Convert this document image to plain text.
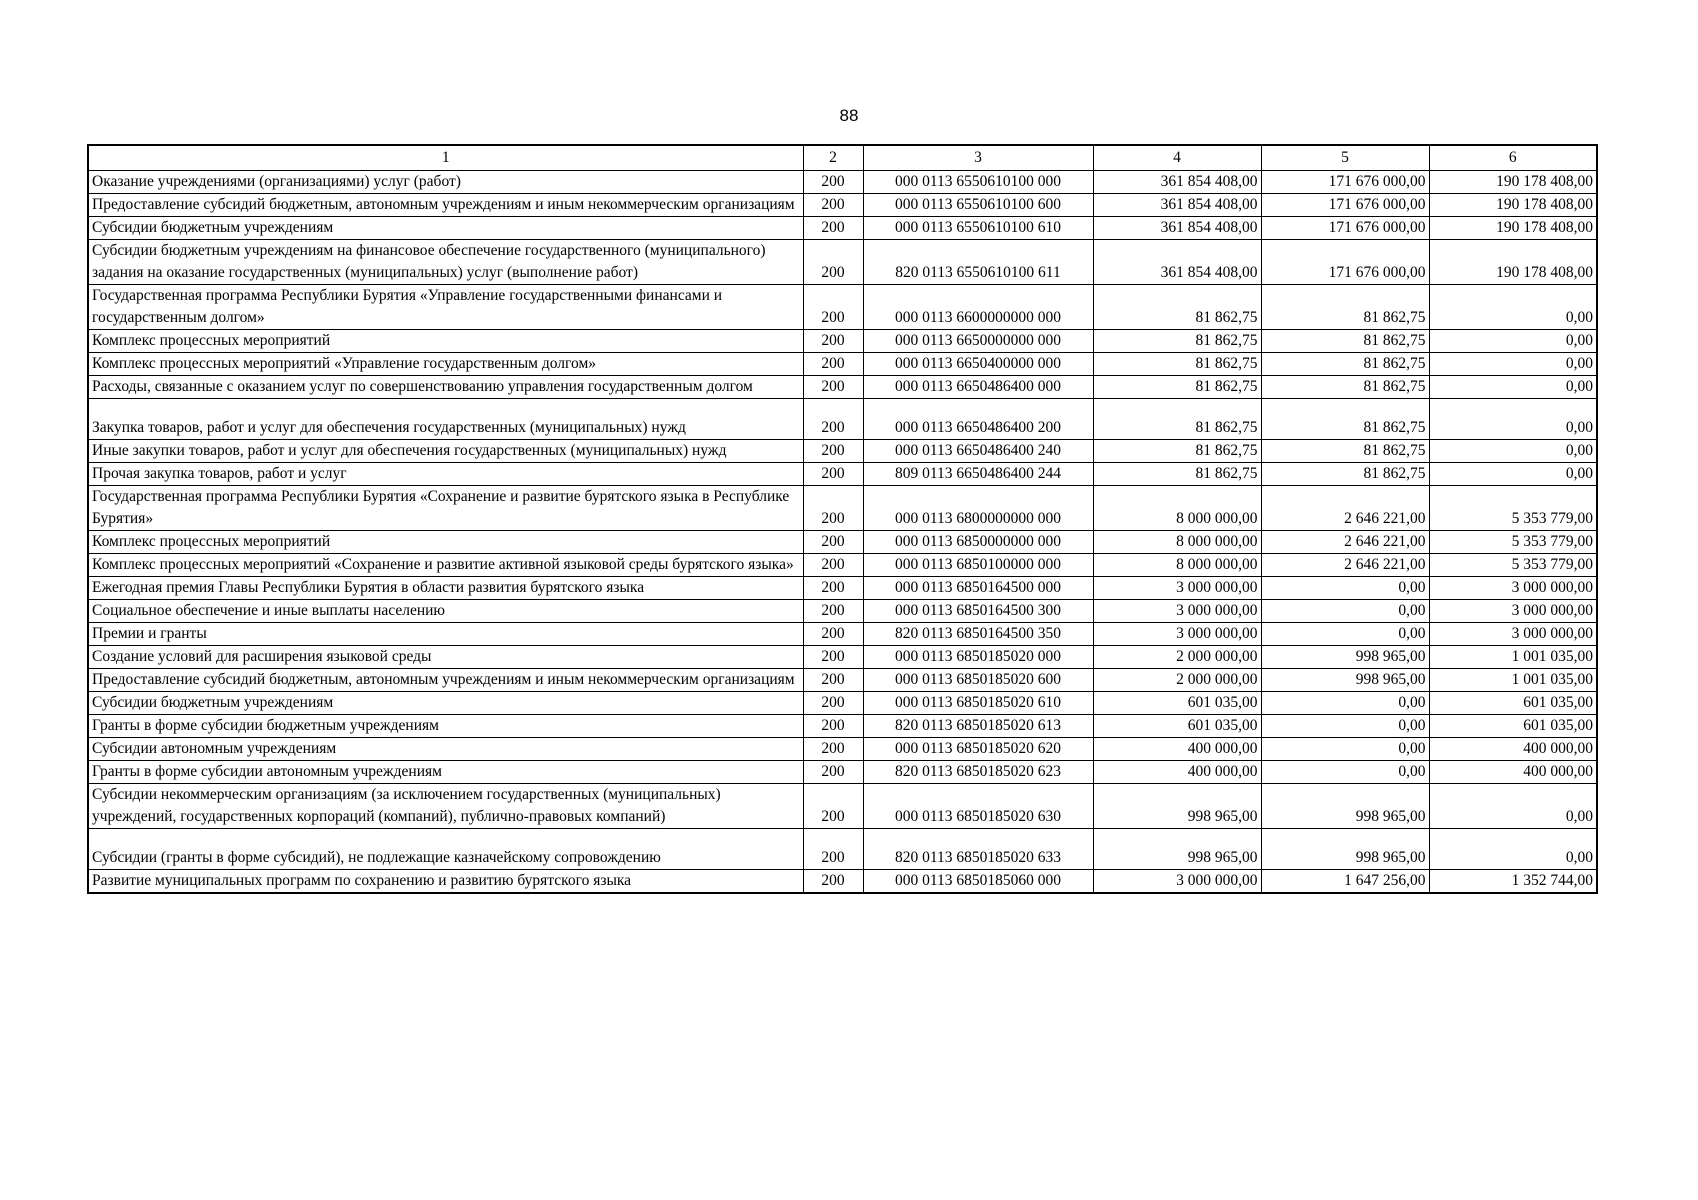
88
1	2	3	4	5	6
Оказание учреждениями (организациями) услуг (работ)	200	000 0113 6550610100 000	361 854 408,00	171 676 000,00	190 178 408,00
Предоставление субсидий бюджетным, автономным учреждениям и иным некоммерческим организациям	200	000 0113 6550610100 600	361 854 408,00	171 676 000,00	190 178 408,00
Субсидии бюджетным учреждениям	200	000 0113 6550610100 610	361 854 408,00	171 676 000,00	190 178 408,00
Субсидии бюджетным учреждениям на финансовое обеспечение государственного (муниципального) задания на оказание государственных (муниципальных) услуг (выполнение работ)	200	820 0113 6550610100 611	361 854 408,00	171 676 000,00	190 178 408,00
Государственная программа Республики Бурятия «Управление государственными финансами и государственным долгом»	200	000 0113 6600000000 000	81 862,75	81 862,75	0,00
Комплекс процессных мероприятий	200	000 0113 6650000000 000	81 862,75	81 862,75	0,00
Комплекс процессных мероприятий «Управление государственным долгом»	200	000 0113 6650400000 000	81 862,75	81 862,75	0,00
Расходы, связанные с оказанием услуг по совершенствованию управления государственным долгом	200	000 0113 6650486400 000	81 862,75	81 862,75	0,00
Закупка товаров, работ и услуг для обеспечения государственных (муниципальных) нужд	200	000 0113 6650486400 200	81 862,75	81 862,75	0,00
Иные закупки товаров, работ и услуг для обеспечения государственных (муниципальных) нужд	200	000 0113 6650486400 240	81 862,75	81 862,75	0,00
Прочая закупка товаров, работ и услуг	200	809 0113 6650486400 244	81 862,75	81 862,75	0,00
Государственная программа Республики Бурятия «Сохранение и развитие бурятского языка в Республике Бурятия»	200	000 0113 6800000000 000	8 000 000,00	2 646 221,00	5 353 779,00
Комплекс процессных мероприятий	200	000 0113 6850000000 000	8 000 000,00	2 646 221,00	5 353 779,00
Комплекс процессных мероприятий «Сохранение и развитие активной языковой среды бурятского языка»	200	000 0113 6850100000 000	8 000 000,00	2 646 221,00	5 353 779,00
Ежегодная премия Главы Республики Бурятия в области развития бурятского языка	200	000 0113 6850164500 000	3 000 000,00	0,00	3 000 000,00
Социальное обеспечение и иные выплаты населению	200	000 0113 6850164500 300	3 000 000,00	0,00	3 000 000,00
Премии и гранты	200	820 0113 6850164500 350	3 000 000,00	0,00	3 000 000,00
Создание условий для расширения языковой среды	200	000 0113 6850185020 000	2 000 000,00	998 965,00	1 001 035,00
Предоставление субсидий бюджетным, автономным учреждениям и иным некоммерческим организациям	200	000 0113 6850185020 600	2 000 000,00	998 965,00	1 001 035,00
Субсидии бюджетным учреждениям	200	000 0113 6850185020 610	601 035,00	0,00	601 035,00
Гранты в форме субсидии бюджетным учреждениям	200	820 0113 6850185020 613	601 035,00	0,00	601 035,00
Субсидии автономным учреждениям	200	000 0113 6850185020 620	400 000,00	0,00	400 000,00
Гранты в форме субсидии автономным учреждениям	200	820 0113 6850185020 623	400 000,00	0,00	400 000,00
Субсидии некоммерческим организациям (за исключением государственных (муниципальных) учреждений, государственных корпораций (компаний), публично-правовых компаний)	200	000 0113 6850185020 630	998 965,00	998 965,00	0,00
Субсидии (гранты в форме субсидий), не подлежащие казначейскому сопровождению	200	820 0113 6850185020 633	998 965,00	998 965,00	0,00
Развитие муниципальных программ по сохранению и развитию бурятского языка	200	000 0113 6850185060 000	3 000 000,00	1 647 256,00	1 352 744,00
